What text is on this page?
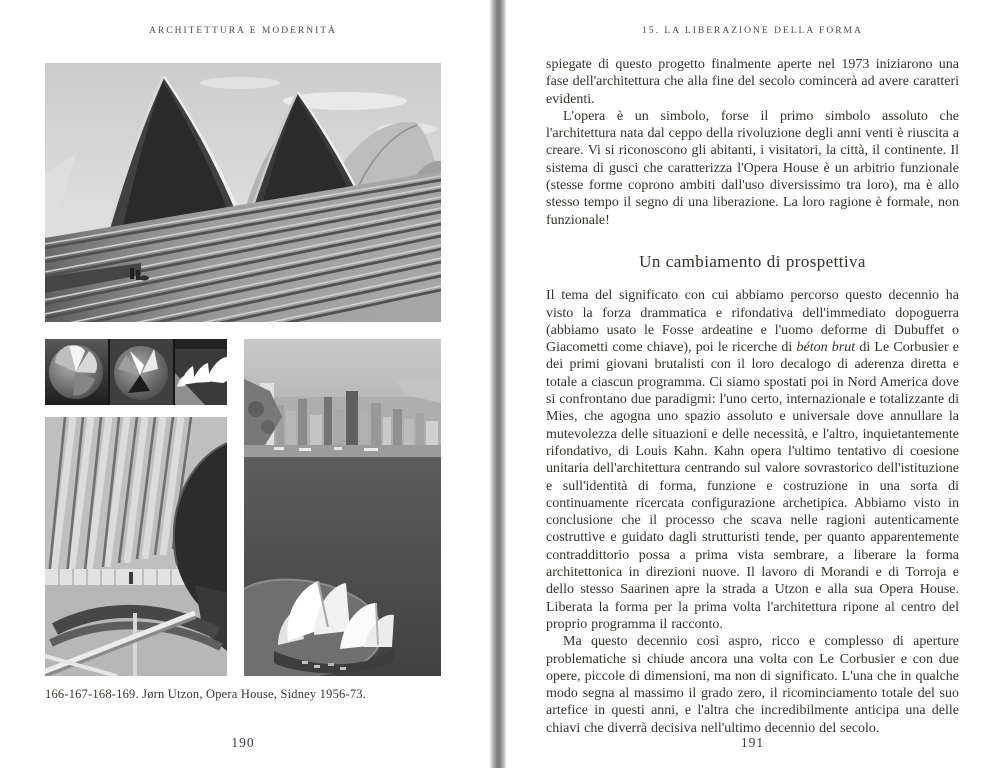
ARCHITETTURA E MODERNITÀ
166-167-168-169. Jørn Utzon, Opera House, Sidney 1956-73.
190
15. LA LIBERAZIONE DELLA FORMA

spiegate di questo progetto finalmente aperte nel 1973 iniziarono una fase dell'architettura che alla fine del secolo comincerà ad avere caratteri evidenti.

L'opera è un simbolo, forse il primo simbolo assoluto che l'architettura nata dal ceppo della rivoluzione degli anni venti è riuscita a creare. Vi si riconoscono gli abitanti, i visitatori, la città, il continente. Il sistema di gusci che caratterizza l'Opera House è un arbitrio funzionale (stesse forme coprono ambiti dall'uso diversissimo tra loro), ma è allo stesso tempo il segno di una liberazione. La loro ragione è formale, non funzionale!

Un cambiamento di prospettiva

Il tema del significato con cui abbiamo percorso questo decennio ha visto la forza drammatica e rifondativa dell'immediato dopoguerra (abbiamo usato le Fosse ardeatine e l'uomo deforme di Dubuffet o Giacometti come chiave), poi le ricerche di béton brut di Le Corbusier e dei primi giovani brutalisti con il loro decalogo di aderenza diretta e totale a ciascun programma. Ci siamo spostati poi in Nord America dove si confrontano due paradigmi: l'uno certo, internazionale e totalizzante di Mies, che agogna uno spazio assoluto e universale dove annullare la mutevolezza delle situazioni e delle necessità, e l'altro, inquietantemente rifondativo, di Louis Kahn. Kahn opera l'ultimo tentativo di coesione unitaria dell'architettura centrando sul valore sovrastorico dell'istituzione e sull'identità di forma, funzione e costruzione in una sorta di continuamente ricercata configurazione archetipica. Abbiamo visto in conclusione che il processo che scava nelle ragioni autenticamente costruttive e guidato dagli strutturisti tende, per quanto apparentemente contraddittorio possa a prima vista sembrare, a liberare la forma architettonica in direzioni nuove. Il lavoro di Morandi e di Torroja e dello stesso Saarinen apre la strada a Utzon e alla sua Opera House. Liberata la forma per la prima volta l'architettura ripone al centro del proprio programma il racconto.

Ma questo decennio così aspro, ricco e complesso di aperture problematiche si chiude ancora una volta con Le Corbusier e con due opere, piccole di dimensioni, ma non di significato. L'una che in qualche modo segna al massimo il grado zero, il ricominciamento totale del suo artefice in questi anni, e l'altra che incredibilmente anticipa una delle chiavi che diverrà decisiva nell'ultimo decennio del secolo.

191
